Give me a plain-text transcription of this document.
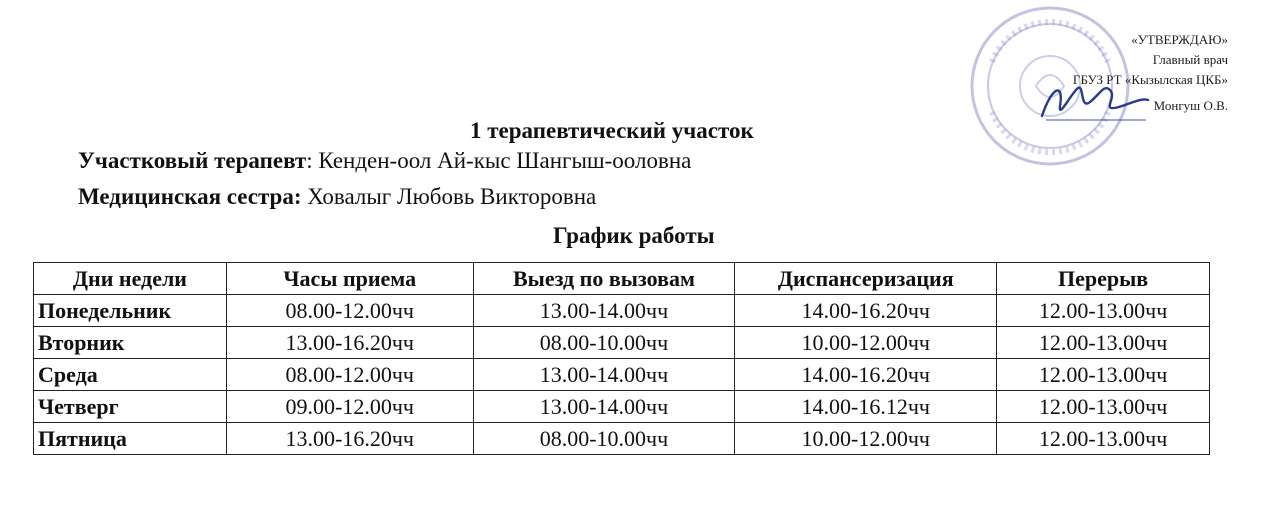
«УТВЕРЖДАЮ»
Главный врач
ГБУЗ РТ «Кызылская ЦКБ»
Монгуш О.В.
1 терапевтический участок
Участковый терапевт: Кенден-оол Ай-кыс Шангыш-ооловна
Медицинская сестра: Ховалыг Любовь Викторовна
График работы
Дни недели	Часы приема	Выезд по вызовам	Диспансеризация	Перерыв
Понедельник	08.00-12.00чч	13.00-14.00чч	14.00-16.20чч	12.00-13.00чч
Вторник	13.00-16.20чч	08.00-10.00чч	10.00-12.00чч	12.00-13.00чч
Среда	08.00-12.00чч	13.00-14.00чч	14.00-16.20чч	12.00-13.00чч
Четверг	09.00-12.00чч	13.00-14.00чч	14.00-16.12чч	12.00-13.00чч
Пятница	13.00-16.20чч	08.00-10.00чч	10.00-12.00чч	12.00-13.00чч
